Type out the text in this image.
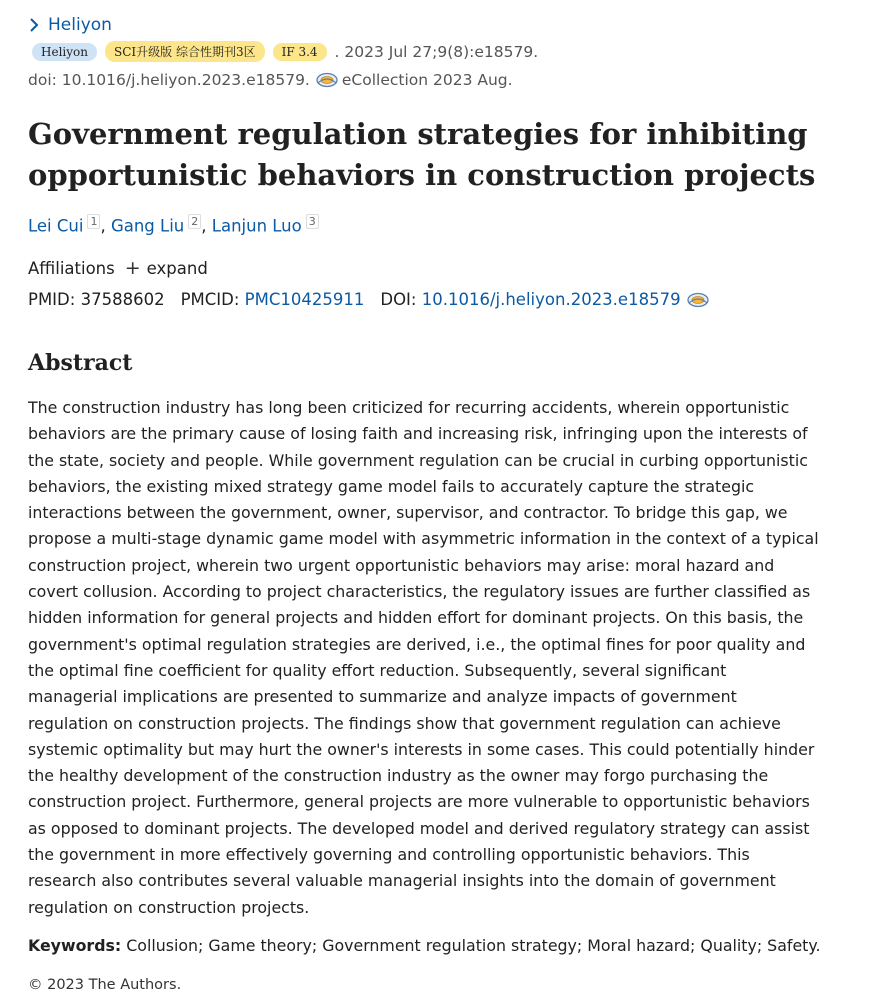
Heliyon
Heliyon	SCI升级版 综合性期刊3区	IF 3.4	. 2023 Jul 27;9(8):e18579.
doi: 10.1016/j.heliyon.2023.e18579. eCollection 2023 Aug.
Government regulation strategies for inhibiting opportunistic behaviors in construction projects
Lei Cui $^1$ , Gang Liu $^2$ , Lanjun Luo $^3$
Affiliations + expand
PMID:
37588602 PMCID:
PMC10425911 DOI:
10.1016/j.heliyon.2023.e18579
Abstract

The construction industry has long been criticized for recurring accidents, wherein opportunistic behaviors are the primary cause of losing faith and increasing risk, infringing upon the interests of the state, society and people. While government regulation can be crucial in curbing opportunistic behaviors, the existing mixed strategy game model fails to accurately capture the strategic interactions between the government, owner, supervisor, and contractor. To bridge this gap, we propose a multi-stage dynamic game model with asymmetric information in the context of a typical construction project, wherein two urgent opportunistic behaviors may arise: moral hazard and covert collusion. According to project characteristics, the regulatory issues are further classified as hidden information for general projects and hidden effort for dominant projects. On this basis, the government's optimal regulation strategies are derived, i.e., the optimal fines for poor quality and the optimal fine coefficient for quality effort reduction. Subsequently, several significant managerial implications are presented to summarize and analyze impacts of government regulation on construction projects. The findings show that government regulation can achieve systemic optimality but may hurt the owner's interests in some cases. This could potentially hinder the healthy development of the construction industry as the owner may forgo purchasing the construction project. Furthermore, general projects are more vulnerable to opportunistic behaviors as opposed to dominant projects. The developed model and derived regulatory strategy can assist the government in more effectively governing and controlling opportunistic behaviors. This research also contributes several valuable managerial insights into the domain of government regulation on construction projects.

Keywords: Collusion; Game theory; Government regulation strategy; Moral hazard; Quality; Safety.
© 2023 The Authors.
